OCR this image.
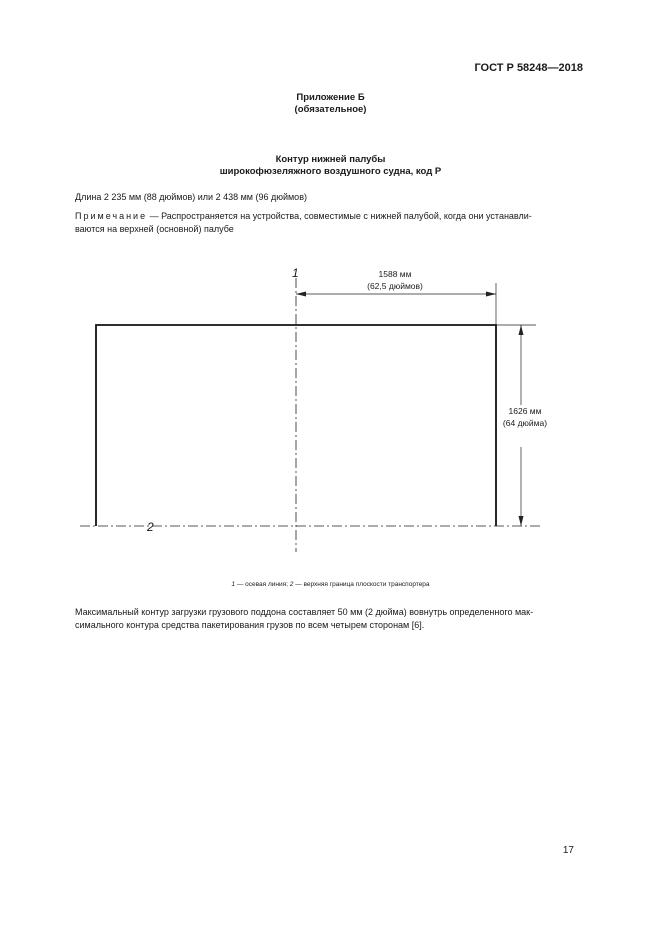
ГОСТ Р 58248—2018
Приложение Б
(обязательное)
Контур нижней палубы
широкофюзеляжного воздушного судна, код Р
Длина 2 235 мм (88 дюймов) или 2 438 мм (96 дюймов)
Примечание — Распространяется на устройства, совместимые с нижней палубой, когда они устанавли-
ваются на верхней (основной) палубе
1588 мм
(62,5 дюймов)
1626 мм
(64 дюйма)
1
2
1 — осевая линия; 2 — верхняя граница плоскости транспортера
Максимальный контур загрузки грузового поддона составляет 50 мм (2 дюйма) вовнутрь определенного мак-
симального контура средства пакетирования грузов по всем четырем сторонам [6].
17
